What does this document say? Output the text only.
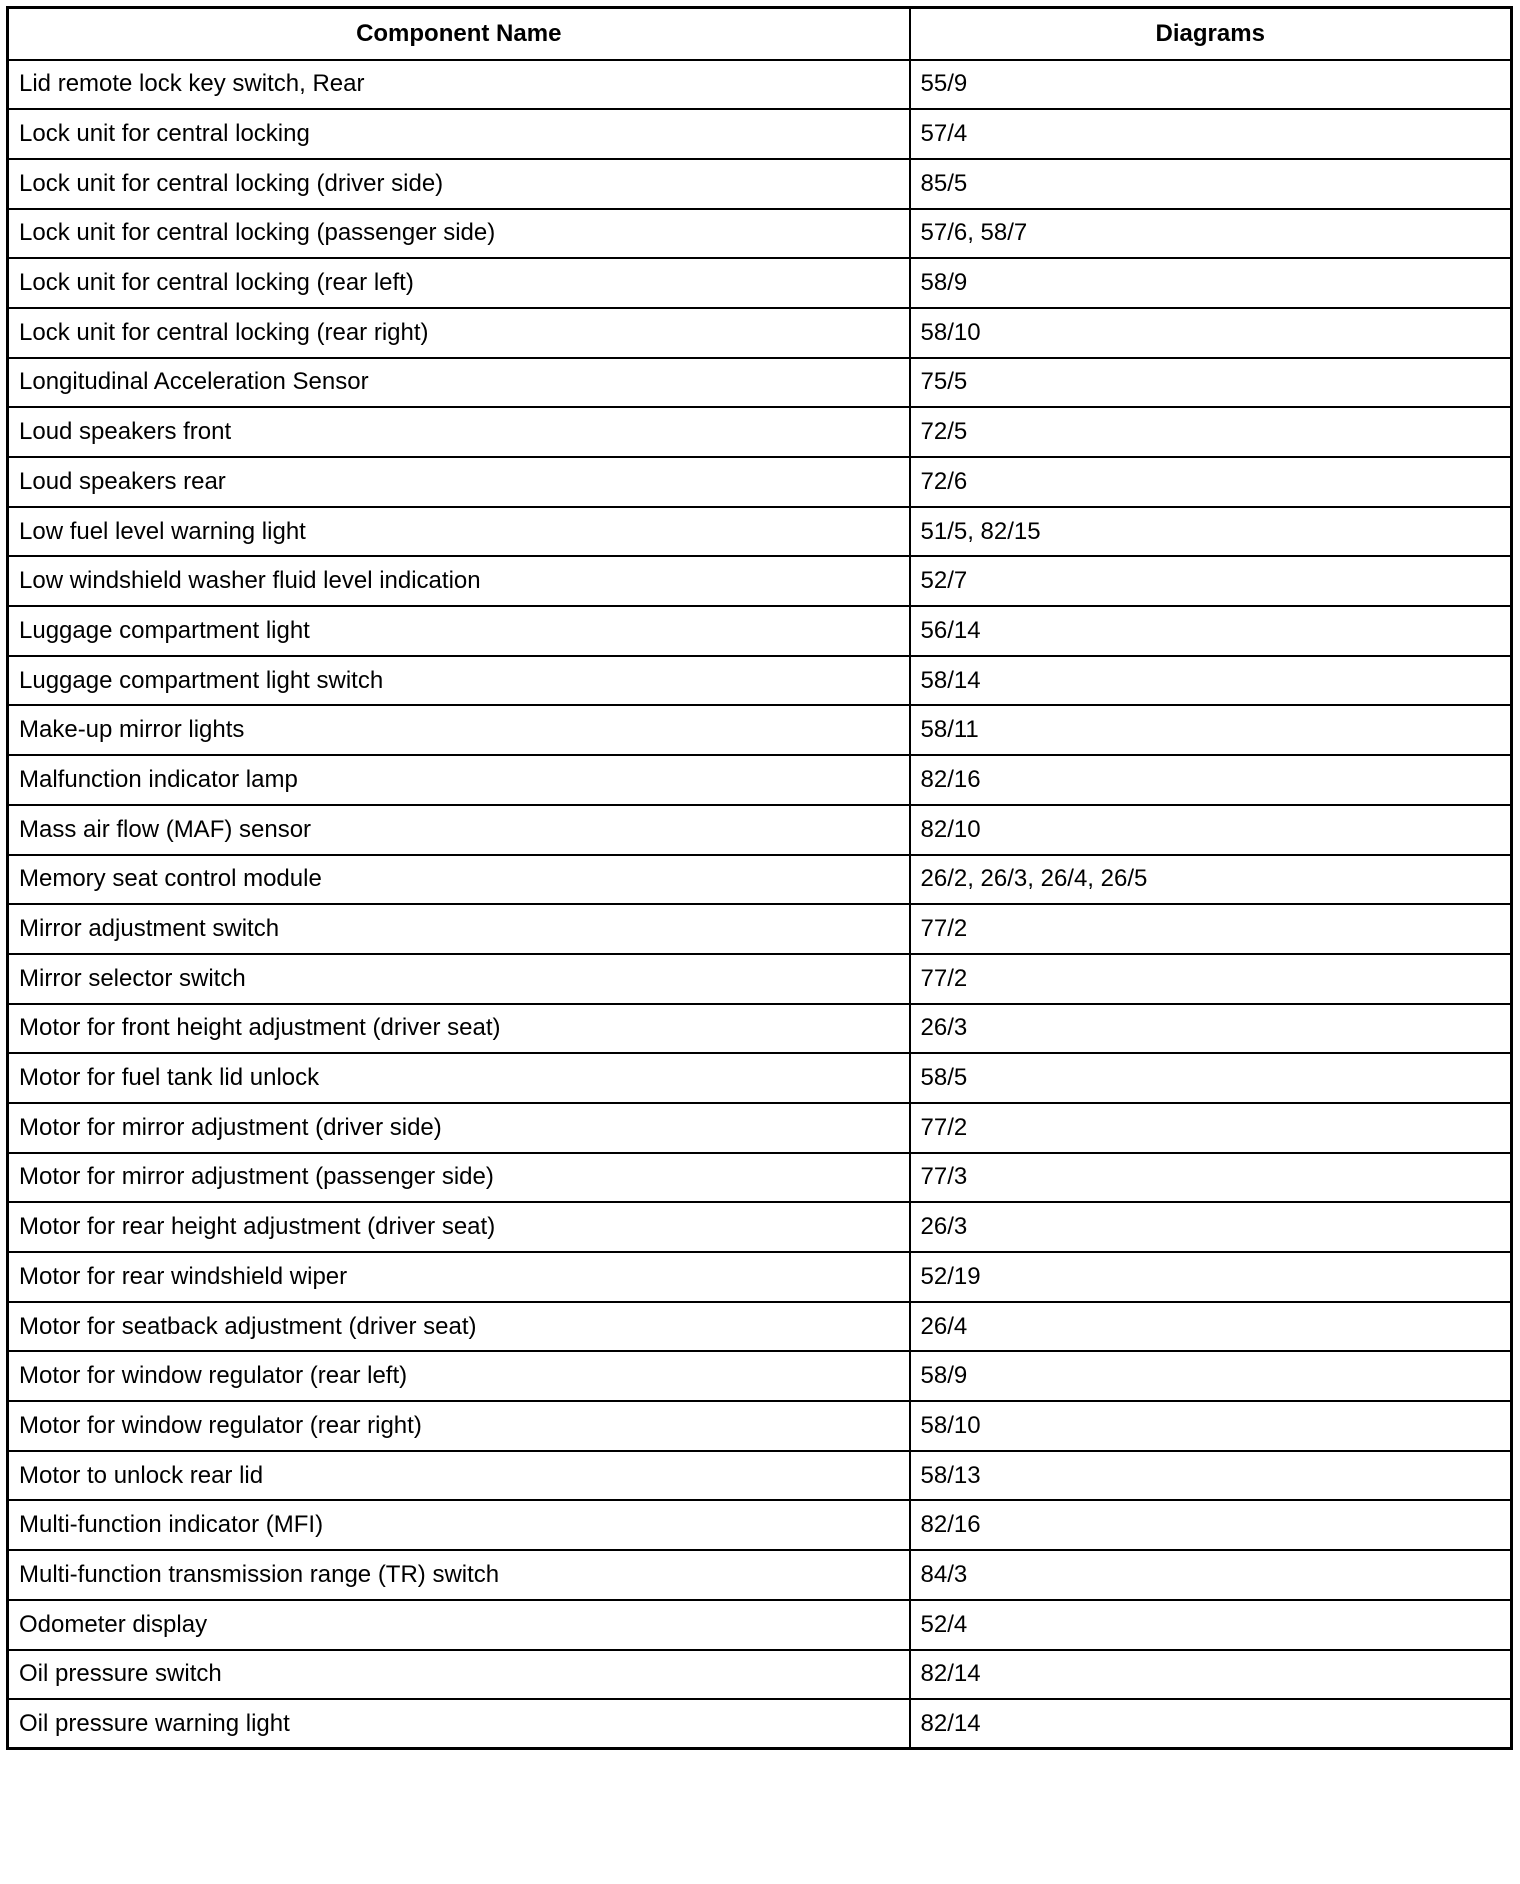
Component Name	Diagrams
Lid remote lock key switch, Rear	55/9
Lock unit for central locking	57/4
Lock unit for central locking (driver side)	85/5
Lock unit for central locking (passenger side)	57/6, 58/7
Lock unit for central locking (rear left)	58/9
Lock unit for central locking (rear right)	58/10
Longitudinal Acceleration Sensor	75/5
Loud speakers front	72/5
Loud speakers rear	72/6
Low fuel level warning light	51/5, 82/15
Low windshield washer fluid level indication	52/7
Luggage compartment light	56/14
Luggage compartment light switch	58/14
Make-up mirror lights	58/11
Malfunction indicator lamp	82/16
Mass air flow (MAF) sensor	82/10
Memory seat control module	26/2, 26/3, 26/4, 26/5
Mirror adjustment switch	77/2
Mirror selector switch	77/2
Motor for front height adjustment (driver seat)	26/3
Motor for fuel tank lid unlock	58/5
Motor for mirror adjustment (driver side)	77/2
Motor for mirror adjustment (passenger side)	77/3
Motor for rear height adjustment (driver seat)	26/3
Motor for rear windshield wiper	52/19
Motor for seatback adjustment (driver seat)	26/4
Motor for window regulator (rear left)	58/9
Motor for window regulator (rear right)	58/10
Motor to unlock rear lid	58/13
Multi-function indicator (MFI)	82/16
Multi-function transmission range (TR) switch	84/3
Odometer display	52/4
Oil pressure switch	82/14
Oil pressure warning light	82/14
